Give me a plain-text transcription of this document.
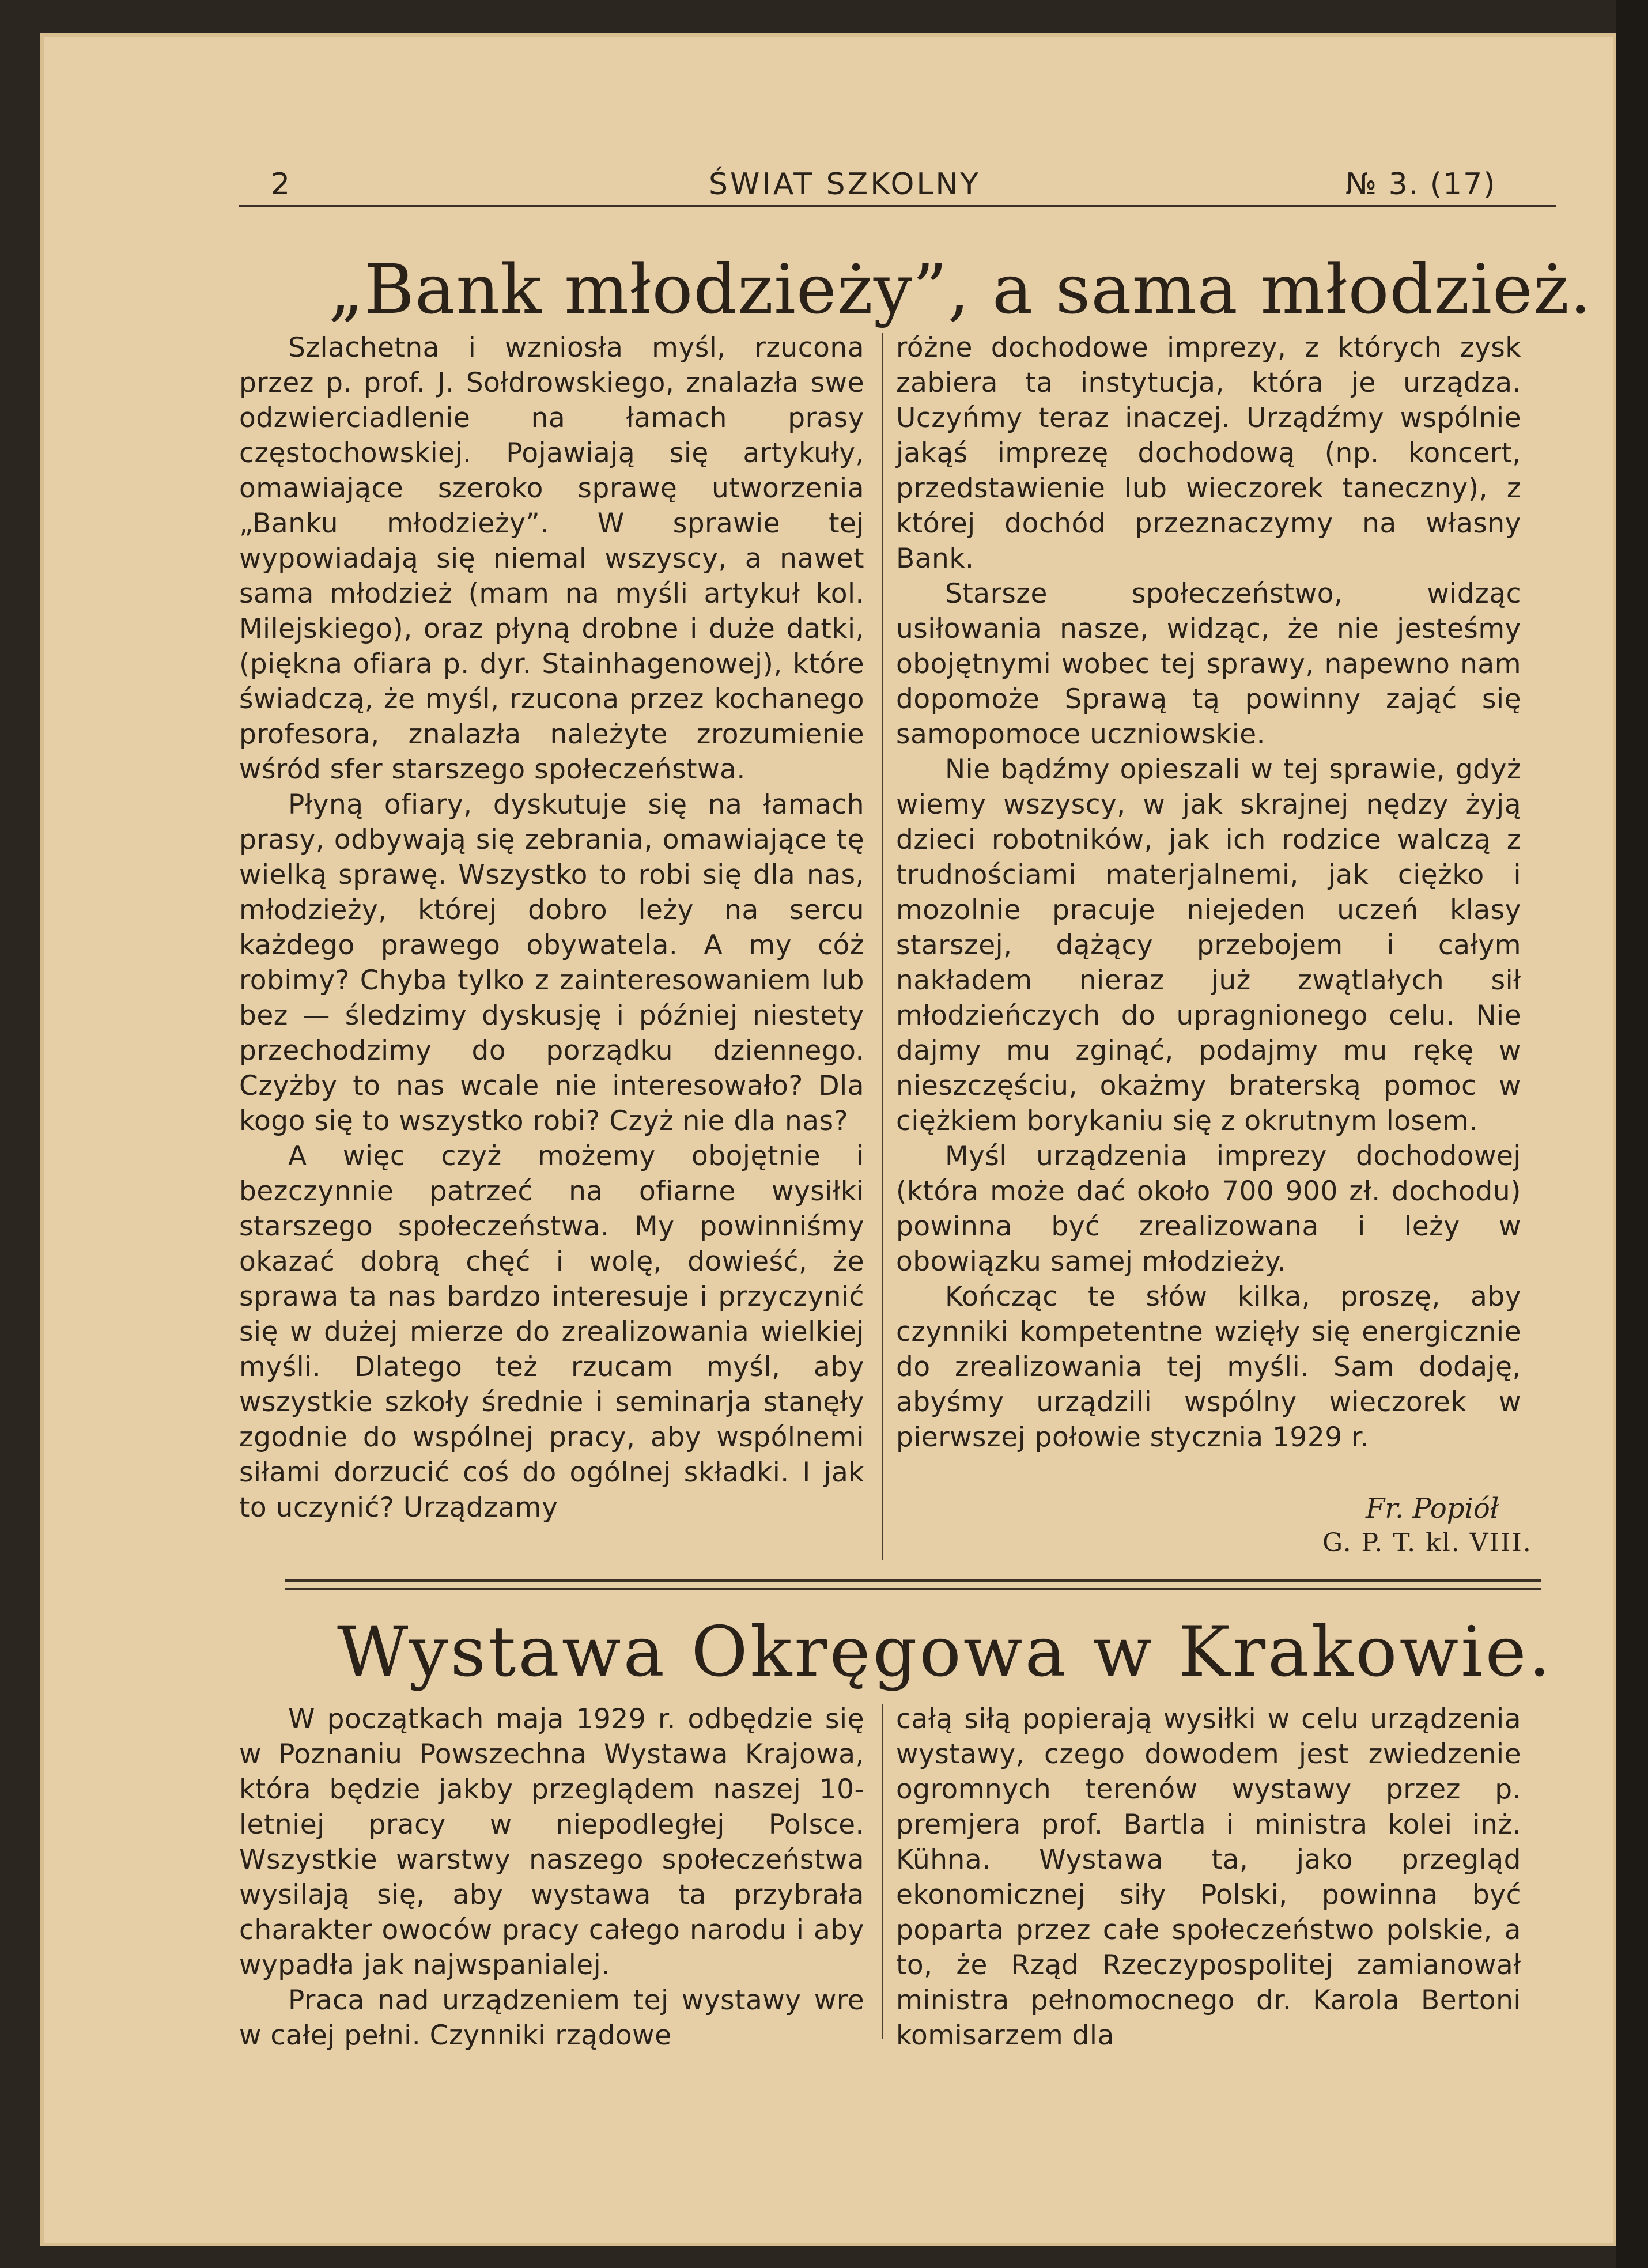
2	ŚWIAT SZKOLNY	№ 3. (17)
„Bank młodzieży”, a sama młodzież.

Szlachetna i wzniosła myśl, rzucona przez p. prof. J. Sołdrowskiego, znalazła swe odzwierciadlenie na łamach prasy częstochowskiej. Pojawiają się artykuły, omawiające szeroko sprawę utworzenia „Banku młodzieży”. W sprawie tej wypowiadają się niemal wszyscy, a nawet sama młodzież (mam na myśli artykuł kol. Milejskiego), oraz płyną drobne i duże datki, (piękna ofiara p. dyr. Stainhagenowej), które świadczą, że myśl, rzucona przez kochanego profesora, znalazła należyte zrozumienie wśród sfer starszego społeczeństwa.

Płyną ofiary, dyskutuje się na łamach prasy, odbywają się zebrania, omawiające tę wielką sprawę. Wszystko to robi się dla nas, młodzieży, której dobro leży na sercu każdego prawego obywatela. A my cóż robimy? Chyba tylko z zainteresowaniem lub bez — śledzimy dyskusję i później niestety przechodzimy do porządku dziennego. Czyżby to nas wcale nie interesowało? Dla kogo się to wszystko robi? Czyż nie dla nas?

A więc czyż możemy obojętnie i bezczynnie patrzeć na ofiarne wysiłki starszego społeczeństwa. My powinniśmy okazać dobrą chęć i wolę, dowieść, że sprawa ta nas bardzo interesuje i przyczynić się w dużej mierze do zrealizowania wielkiej myśli. Dlatego też rzucam myśl, aby wszystkie szkoły średnie i seminarja stanęły zgodnie do wspólnej pracy, aby wspólnemi siłami dorzucić coś do ogólnej składki. I jak to uczynić? Urządzamy

różne dochodowe imprezy, z których zysk zabiera ta instytucja, która je urządza. Uczyńmy teraz inaczej. Urządźmy wspólnie jakąś imprezę dochodową (np. koncert, przedstawienie lub wieczorek taneczny), z której dochód przeznaczymy na własny Bank.

Starsze społeczeństwo, widząc usiłowania nasze, widząc, że nie jesteśmy obojętnymi wobec tej sprawy, napewno nam dopomoże Sprawą tą powinny zająć się samopomoce uczniowskie.

Nie bądźmy opieszali w tej sprawie, gdyż wiemy wszyscy, w jak skrajnej nędzy żyją dzieci robotników, jak ich rodzice walczą z trudnościami materjalnemi, jak ciężko i mozolnie pracuje niejeden uczeń klasy starszej, dążący przebojem i całym nakładem nieraz już zwątlałych sił młodzieńczych do upragnionego celu. Nie dajmy mu zginąć, podajmy mu rękę w nieszczęściu, okażmy braterską pomoc w ciężkiem borykaniu się z okrutnym losem.

Myśl urządzenia imprezy dochodowej (która może dać około 700 900 zł. dochodu) powinna być zrealizowana i leży w obowiązku samej młodzieży.

Kończąc te słów kilka, proszę, aby czynniki kompetentne wzięły się energicznie do zrealizowania tej myśli. Sam dodaję, abyśmy urządzili wspólny wieczorek w pierwszej połowie stycznia 1929 r.

Fr. Popiół
G. P. T. kl. VIII.
Wystawa Okręgowa w Krakowie.

W początkach maja 1929 r. odbędzie się w Poznaniu Powszechna Wystawa Krajowa, która będzie jakby przeglądem naszej 10-letniej pracy w niepodległej Polsce. Wszystkie warstwy naszego społeczeństwa wysilają się, aby wystawa ta przybrała charakter owoców pracy całego narodu i aby wypadła jak najwspanialej.

Praca nad urządzeniem tej wystawy wre w całej pełni. Czynniki rządowe

całą siłą popierają wysiłki w celu urządzenia wystawy, czego dowodem jest zwiedzenie ogromnych terenów wystawy przez p. premjera prof. Bartla i ministra kolei inż. Kühna. Wystawa ta, jako przegląd ekonomicznej siły Polski, powinna być poparta przez całe społeczeństwo polskie, a to, że Rząd Rzeczypospolitej zamianował ministra pełnomocnego dr. Karola Bertoni komisarzem dla
